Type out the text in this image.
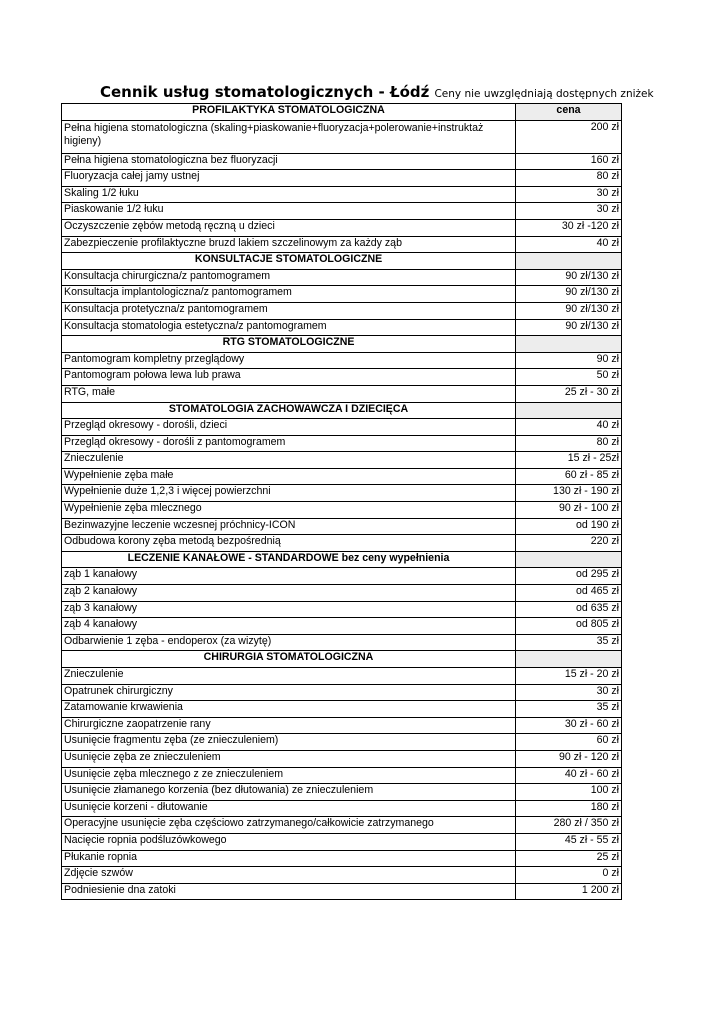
Cennik usług stomatologicznych - Łódź Ceny nie uwzględniają dostępnych zniżek
PROFILAKTYKA STOMATOLOGICZNA	cena
Pełna higiena stomatologiczna (skaling+piaskowanie+fluoryzacja+polerowanie+instruktaż higieny)	200 zł
Pełna higiena stomatologiczna bez fluoryzacji	160 zł
Fluoryzacja całej jamy ustnej	80 zł
Skaling 1/2 łuku	30 zł
Piaskowanie 1/2 łuku	30 zł
Oczyszczenie zębów metodą ręczną u dzieci	30 zł -120 zł
Zabezpieczenie profilaktyczne bruzd lakiem szczelinowym za każdy ząb	40 zł
KONSULTACJE STOMATOLOGICZNE	
Konsultacja chirurgiczna/z pantomogramem	90 zł/130 zł
Konsultacja implantologiczna/z pantomogramem	90 zł/130 zł
Konsultacja protetyczna/z pantomogramem	90 zł/130 zł
Konsultacja stomatologia estetyczna/z pantomogramem	90 zł/130 zł
RTG STOMATOLOGICZNE	
Pantomogram kompletny przeglądowy	90 zł
Pantomogram połowa lewa lub prawa	50 zł
RTG, małe	25 zł - 30 zł
STOMATOLOGIA ZACHOWAWCZA I DZIECIĘCA	
Przegląd okresowy - dorośli, dzieci	40 zł
Przegląd okresowy - dorośli z pantomogramem	80 zł
Znieczulenie	15 zł - 25zł
Wypełnienie zęba małe	60 zł - 85 zł
Wypełnienie duże 1,2,3 i więcej powierzchni	130 zł - 190 zł
Wypełnienie zęba mlecznego	90 zł - 100 zł
Bezinwazyjne leczenie wczesnej próchnicy-ICON	od 190 zł
Odbudowa korony zęba metodą bezpośrednią	220 zł
LECZENIE KANAŁOWE - STANDARDOWE bez ceny wypełnienia	
ząb 1 kanałowy	od 295 zł
ząb 2 kanałowy	od 465 zł
ząb 3 kanałowy	od 635 zł
ząb 4 kanałowy	od 805 zł
Odbarwienie 1 zęba - endoperox (za wizytę)	35 zł
CHIRURGIA STOMATOLOGICZNA	
Znieczulenie	15 zł - 20 zł
Opatrunek chirurgiczny	30 zł
Zatamowanie krwawienia	35 zł
Chirurgiczne zaopatrzenie rany	30 zł - 60 zł
Usunięcie fragmentu zęba (ze znieczuleniem)	60 zł
Usunięcie zęba ze znieczuleniem	90 zł - 120 zł
Usunięcie zęba mlecznego z ze znieczuleniem	40 zł - 60 zł
Usunięcie złamanego korzenia (bez dłutowania) ze znieczuleniem	100 zł
Usunięcie korzeni - dłutowanie	180 zł
Operacyjne usunięcie zęba częściowo zatrzymanego/całkowicie zatrzymanego	280 zł / 350 zł
Nacięcie ropnia podśluzówkowego	45 zł - 55 zł
Płukanie ropnia	25 zł
Zdjęcie szwów	0 zł
Podniesienie dna zatoki	1 200 zł
